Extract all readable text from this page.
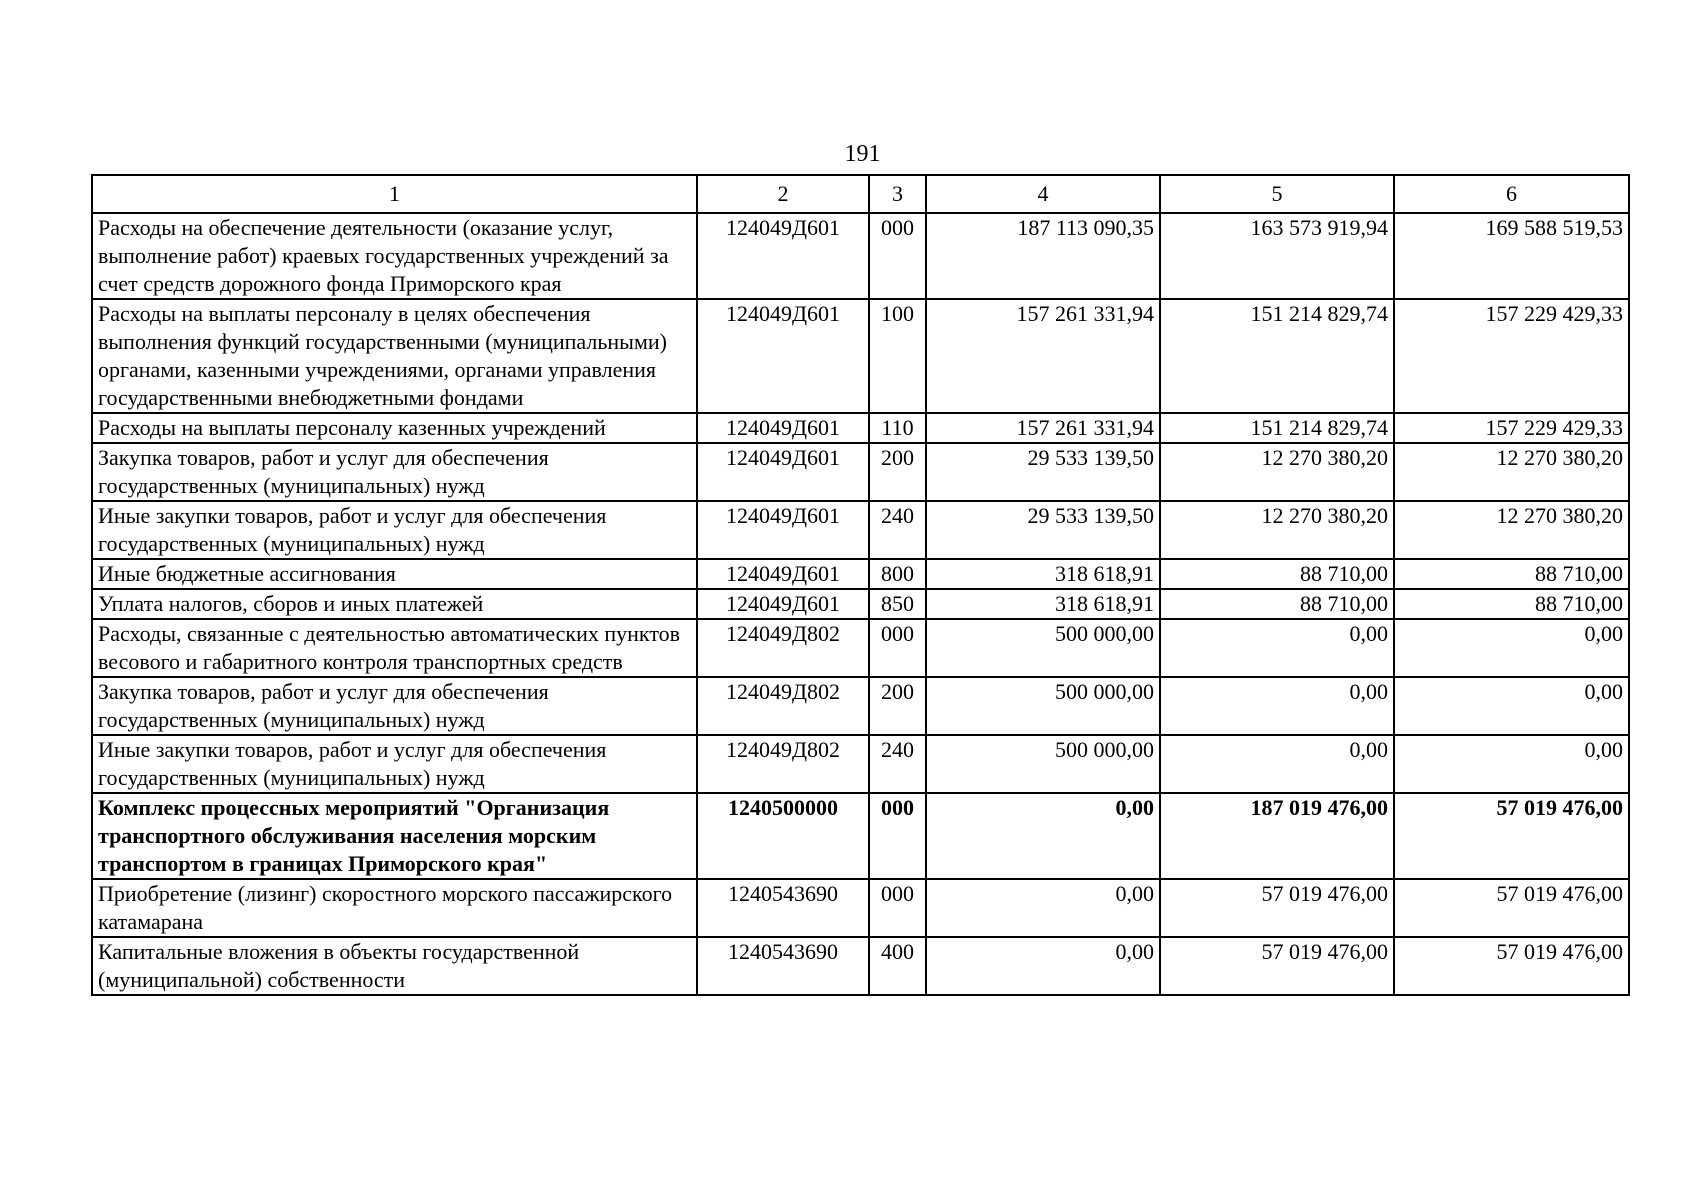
191
1	2	3	4	5	6
Расходы на обеспечение деятельности (оказание услуг, выполнение работ) краевых государственных учреждений за счет средств дорожного фонда Приморского края	124049Д601	000	187 113 090,35	163 573 919,94	169 588 519,53
Расходы на выплаты персоналу в целях обеспечения выполнения функций государственными (муниципальными) органами, казенными учреждениями, органами управления государственными внебюджетными фондами	124049Д601	100	157 261 331,94	151 214 829,74	157 229 429,33
Расходы на выплаты персоналу казенных учреждений	124049Д601	110	157 261 331,94	151 214 829,74	157 229 429,33
Закупка товаров, работ и услуг для обеспечения государственных (муниципальных) нужд	124049Д601	200	29 533 139,50	12 270 380,20	12 270 380,20
Иные закупки товаров, работ и услуг для обеспечения государственных (муниципальных) нужд	124049Д601	240	29 533 139,50	12 270 380,20	12 270 380,20
Иные бюджетные ассигнования	124049Д601	800	318 618,91	88 710,00	88 710,00
Уплата налогов, сборов и иных платежей	124049Д601	850	318 618,91	88 710,00	88 710,00
Расходы, связанные с деятельностью автоматических пунктов весового и габаритного контроля транспортных средств	124049Д802	000	500 000,00	0,00	0,00
Закупка товаров, работ и услуг для обеспечения государственных (муниципальных) нужд	124049Д802	200	500 000,00	0,00	0,00
Иные закупки товаров, работ и услуг для обеспечения государственных (муниципальных) нужд	124049Д802	240	500 000,00	0,00	0,00
Комплекс процессных мероприятий "Организация транспортного обслуживания населения морским транспортом в границах Приморского края"	1240500000	000	0,00	187 019 476,00	57 019 476,00
Приобретение (лизинг) скоростного морского пассажирского катамарана	1240543690	000	0,00	57 019 476,00	57 019 476,00
Капитальные вложения в объекты государственной (муниципальной) собственности	1240543690	400	0,00	57 019 476,00	57 019 476,00
